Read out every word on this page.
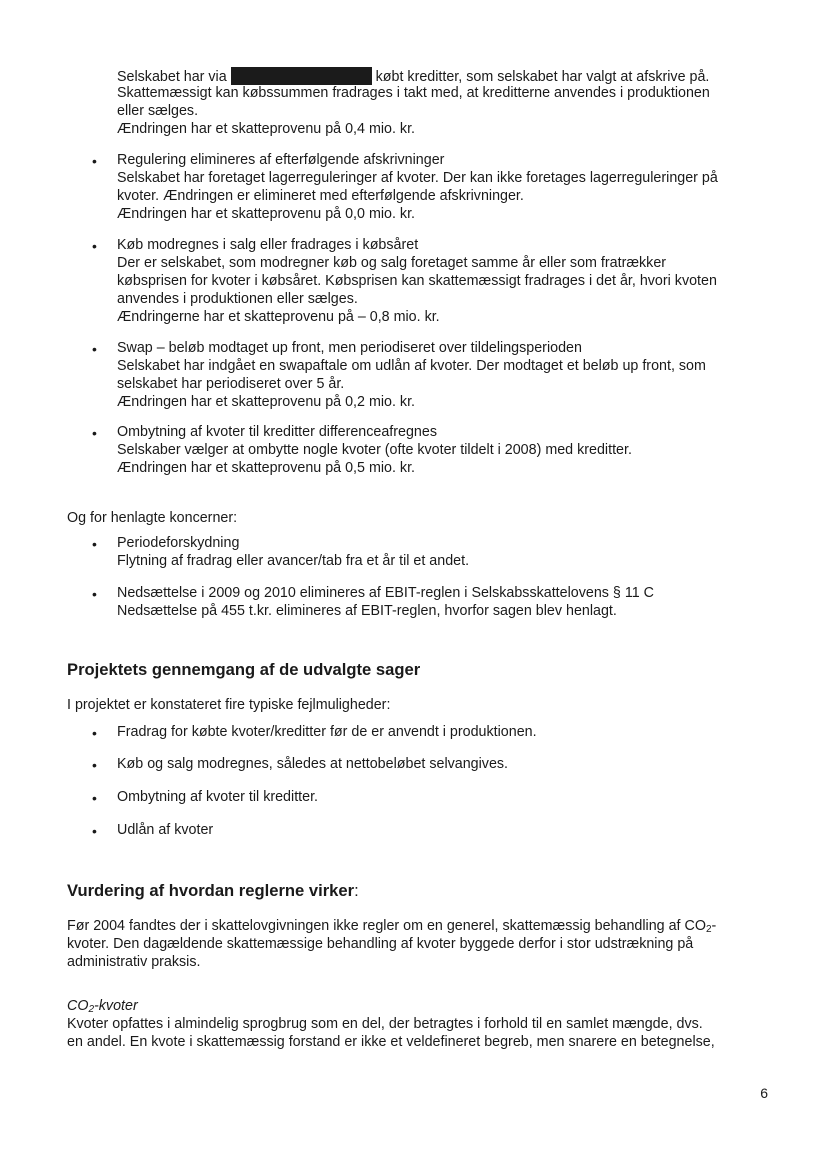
Selskabet har via	købt kreditter, som selskabet har valgt at afskrive på.
Skattemæssigt kan købssummen fradrages i takt med, at kreditterne anvendes i produktionen
eller sælges.
Ændringen har et skatteprovenu på 0,4 mio. kr.
• Regulering elimineres af efterfølgende afskrivninger
Selskabet har foretaget lagerreguleringer af kvoter. Der kan ikke foretages lagerreguleringer på
kvoter. Ændringen er elimineret med efterfølgende afskrivninger.
Ændringen har et skatteprovenu på 0,0 mio. kr.
• Køb modregnes i salg eller fradrages i købsåret
Der er selskabet, som modregner køb og salg foretaget samme år eller som fratrækker
købsprisen for kvoter i købsåret. Købsprisen kan skattemæssigt fradrages i det år, hvori kvoten
anvendes i produktionen eller sælges.
Ændringerne har et skatteprovenu på – 0,8 mio. kr.
• Swap – beløb modtaget up front, men periodiseret over tildelingsperioden
Selskabet har indgået en swapaftale om udlån af kvoter. Der modtaget et beløb up front, som
selskabet har periodiseret over 5 år.
Ændringen har et skatteprovenu på 0,2 mio. kr.
• Ombytning af kvoter til kreditter differenceafregnes
Selskaber vælger at ombytte nogle kvoter (ofte kvoter tildelt i 2008) med kreditter.
Ændringen har et skatteprovenu på 0,5 mio. kr.
Og for henlagte koncerner:
• Periodeforskydning
Flytning af fradrag eller avancer/tab fra et år til et andet.
• Nedsættelse i 2009 og 2010 elimineres af EBIT-reglen i Selskabsskattelovens § 11 C
Nedsættelse på 455 t.kr. elimineres af EBIT-reglen, hvorfor sagen blev henlagt.
Projektets gennemgang af de udvalgte sager
I projektet er konstateret fire typiske fejlmuligheder:
• Fradrag for købte kvoter/kreditter før de er anvendt i produktionen.
• Køb og salg modregnes, således at nettobeløbet selvangives.
• Ombytning af kvoter til kreditter.
• Udlån af kvoter
Vurdering af hvordan reglerne virker:
Før 2004 fandtes der i skattelovgivningen ikke regler om en generel, skattemæssig behandling af $CO_2-$
kvoter. Den dagældende skattemæssige behandling af kvoter byggede derfor i stor udstrækning på
administrativ praksis.
$CO_2$-kvoter
Kvoter opfattes i almindelig sprogbrug som en del, der betragtes i forhold til en samlet mængde, dvs.
en andel. En kvote i skattemæssig forstand er ikke et veldefineret begreb, men snarere en betegnelse,
6
